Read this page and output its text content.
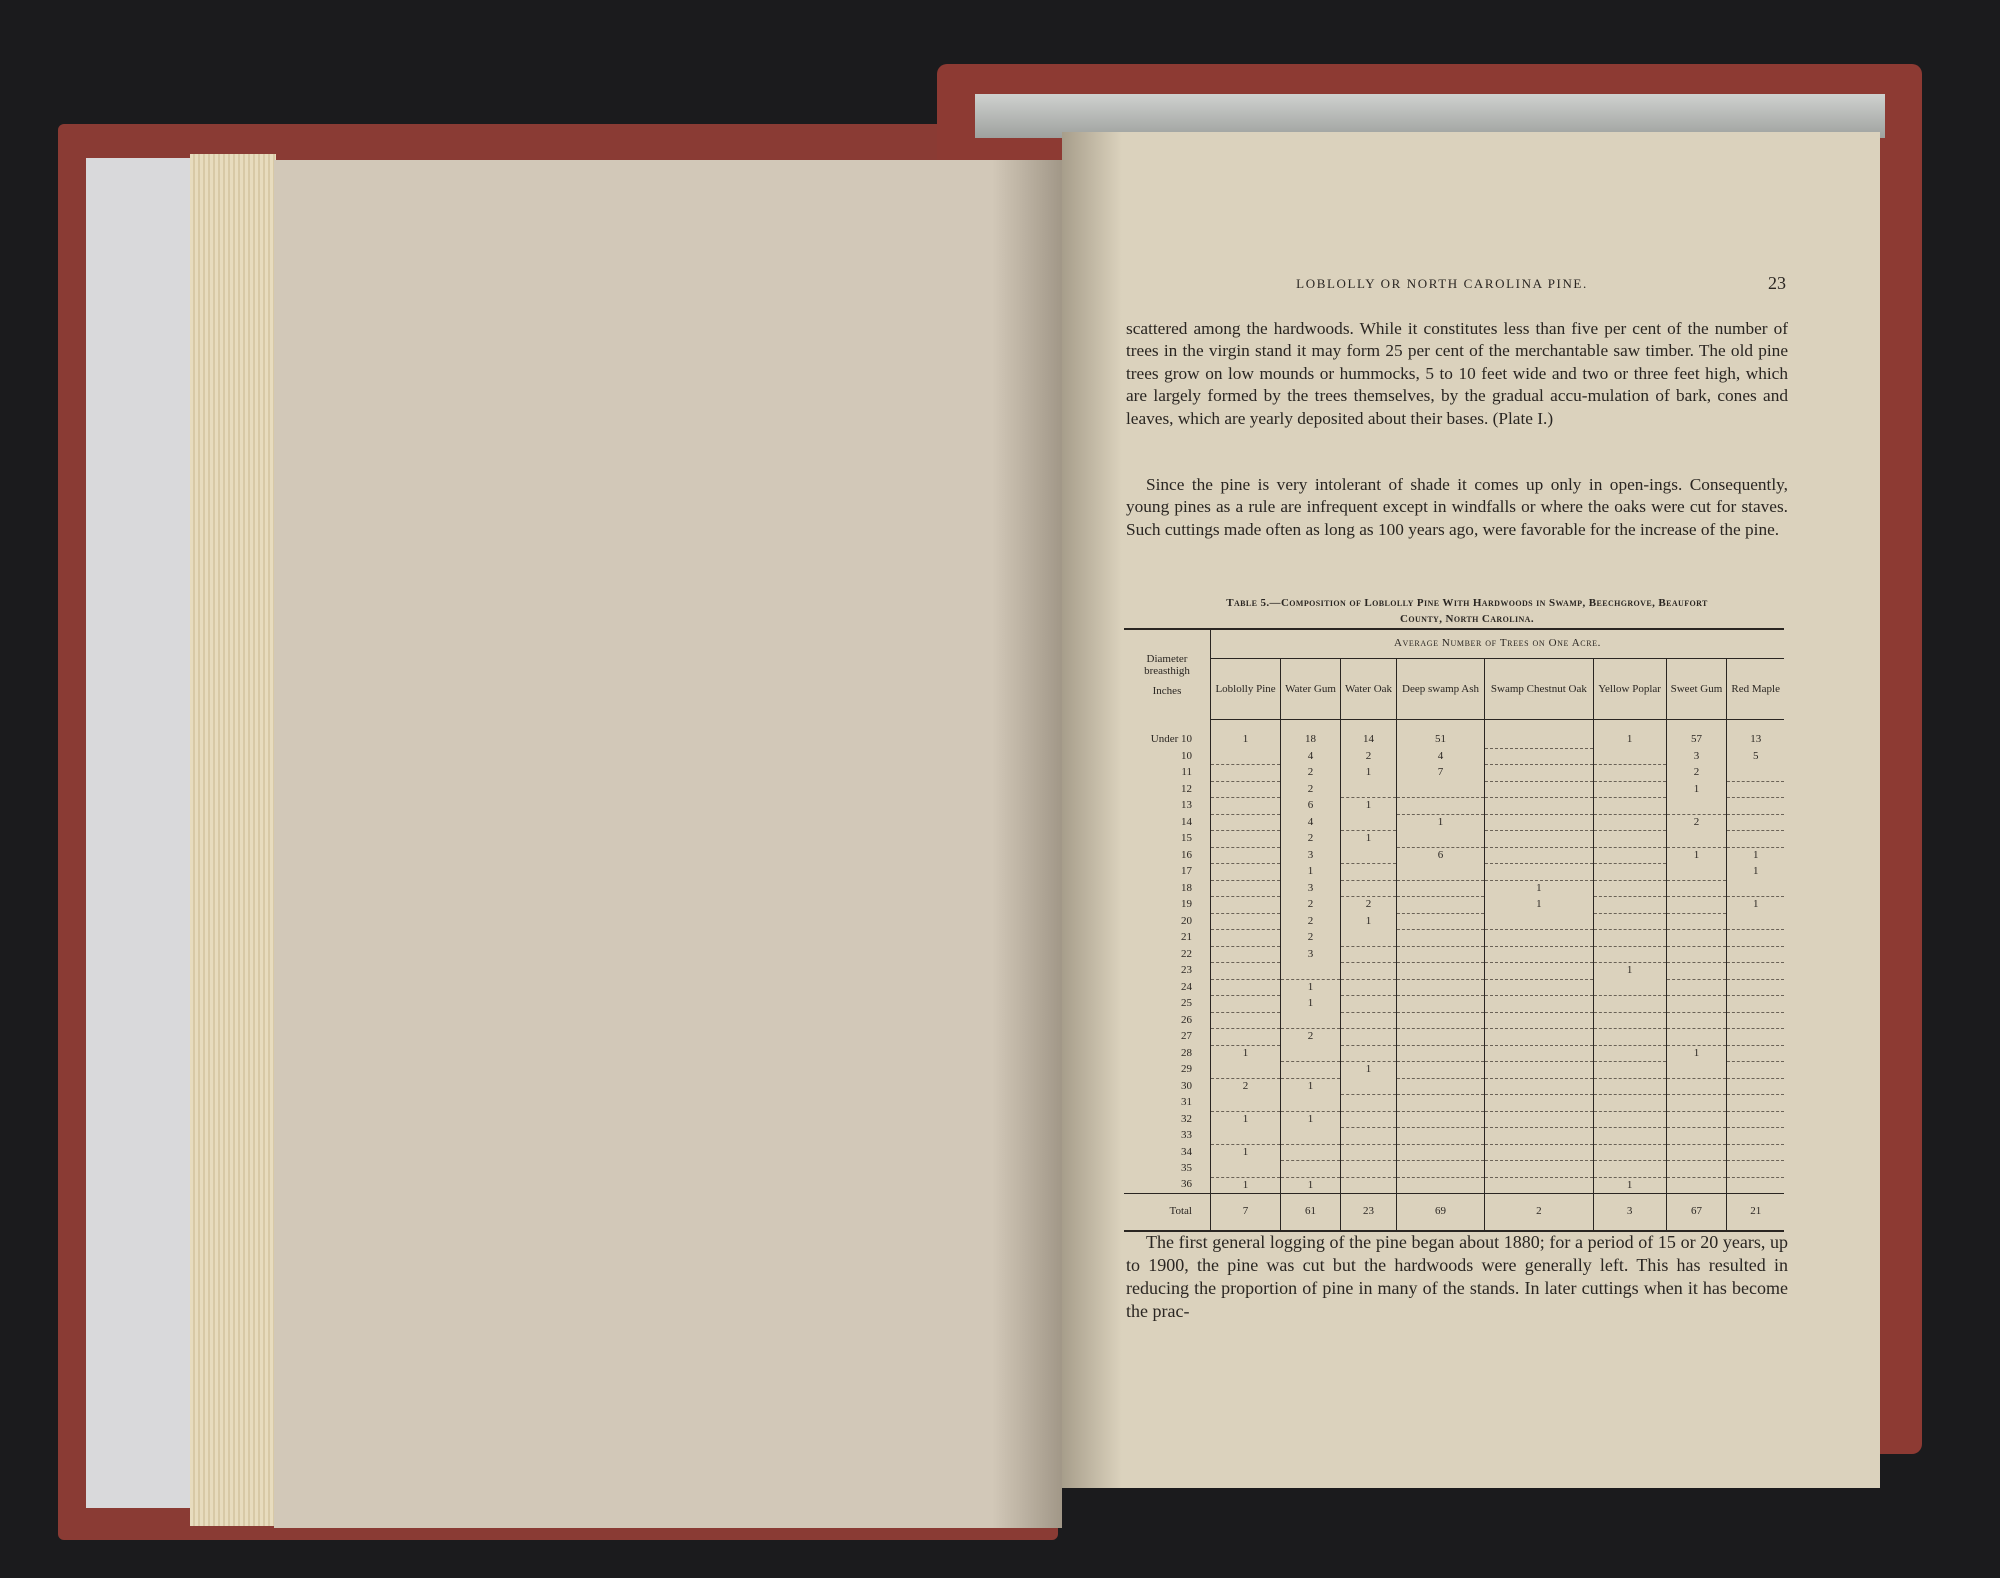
LOBLOLLY OR NORTH CAROLINA PINE.	23

scattered among the hardwoods. While it constitutes less than five per cent of the number of trees in the virgin stand it may form 25 per cent of the merchantable saw timber. The old pine trees grow on low mounds or hummocks, 5 to 10 feet wide and two or three feet high, which are largely formed by the trees themselves, by the gradual accu-mulation of bark, cones and leaves, which are yearly deposited about their bases. (Plate I.)

Since the pine is very intolerant of shade it comes up only in open-ings. Consequently, young pines as a rule are infrequent except in windfalls or where the oaks were cut for staves. Such cuttings made often as long as 100 years ago, were favorable for the increase of the pine.

Table 5.—Composition of Loblolly Pine With Hardwoods in Swamp, Beechgrove, Beaufort
County, North Carolina.
Diameter breasthigh
Inches	Average Number of Trees on One Acre.							
	Loblolly Pine	Water Gum	Water Oak	Deep swamp Ash	Swamp Chestnut Oak	Yellow Poplar	Sweet Gum	Red Maple
Under 10	1	18	14	51		1	57	13
10		4	2	4			3	5
11		2	1	7			2	
12		2					1	
13		6	1					
14		4		1			2	
15		2	1					
16		3		6			1	1
17		1						1
18		3			1			
19		2	2		1			1
20		2	1					
21		2						
22		3						
23						1		
24		1						
25		1						
26								
27		2						
28	1						1	
29			1					
30	2	1						
31								
32	1	1						
33								
34	1							
35								
36	1	1				1		
Total	7	61	23	69	2	3	67	21

The first general logging of the pine began about 1880; for a period of 15 or 20 years, up to 1900, the pine was cut but the hardwoods were generally left. This has resulted in reducing the proportion of pine in many of the stands. In later cuttings when it has become the prac-
